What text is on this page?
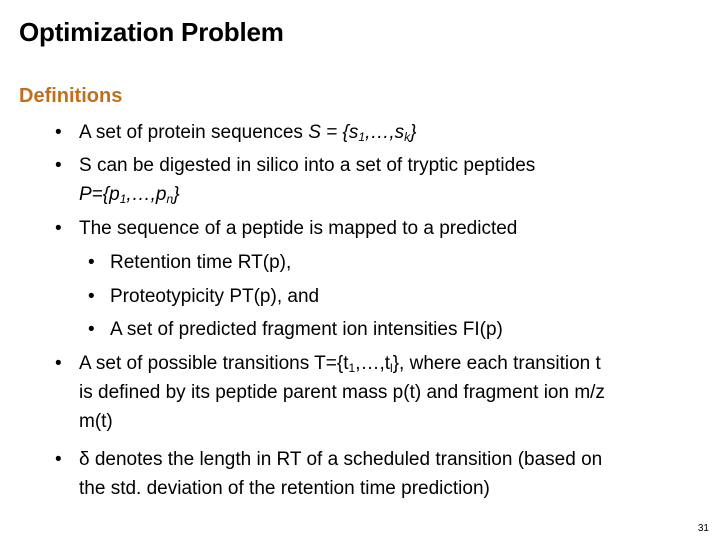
Optimization Problem
Definitions
• A set of protein sequences $S = \{s_1,\dots,s_k\}$
• S can be digested in silico into a set of tryptic peptides
$P=\{p_1,\dots,p_n\}$
• The sequence of a peptide is mapped to a predicted
• Retention time RT(p),
• Proteotypicity PT(p), and
• A set of predicted fragment ion intensities FI(p)
• A set of possible transitions $T=\{t_1,\dots,t_l\}$, where each transition t
is defined by its peptide parent mass p(t) and fragment ion m/z
m(t)
• δ denotes the length in RT of a scheduled transition (based on
the std. deviation of the retention time prediction)
31
